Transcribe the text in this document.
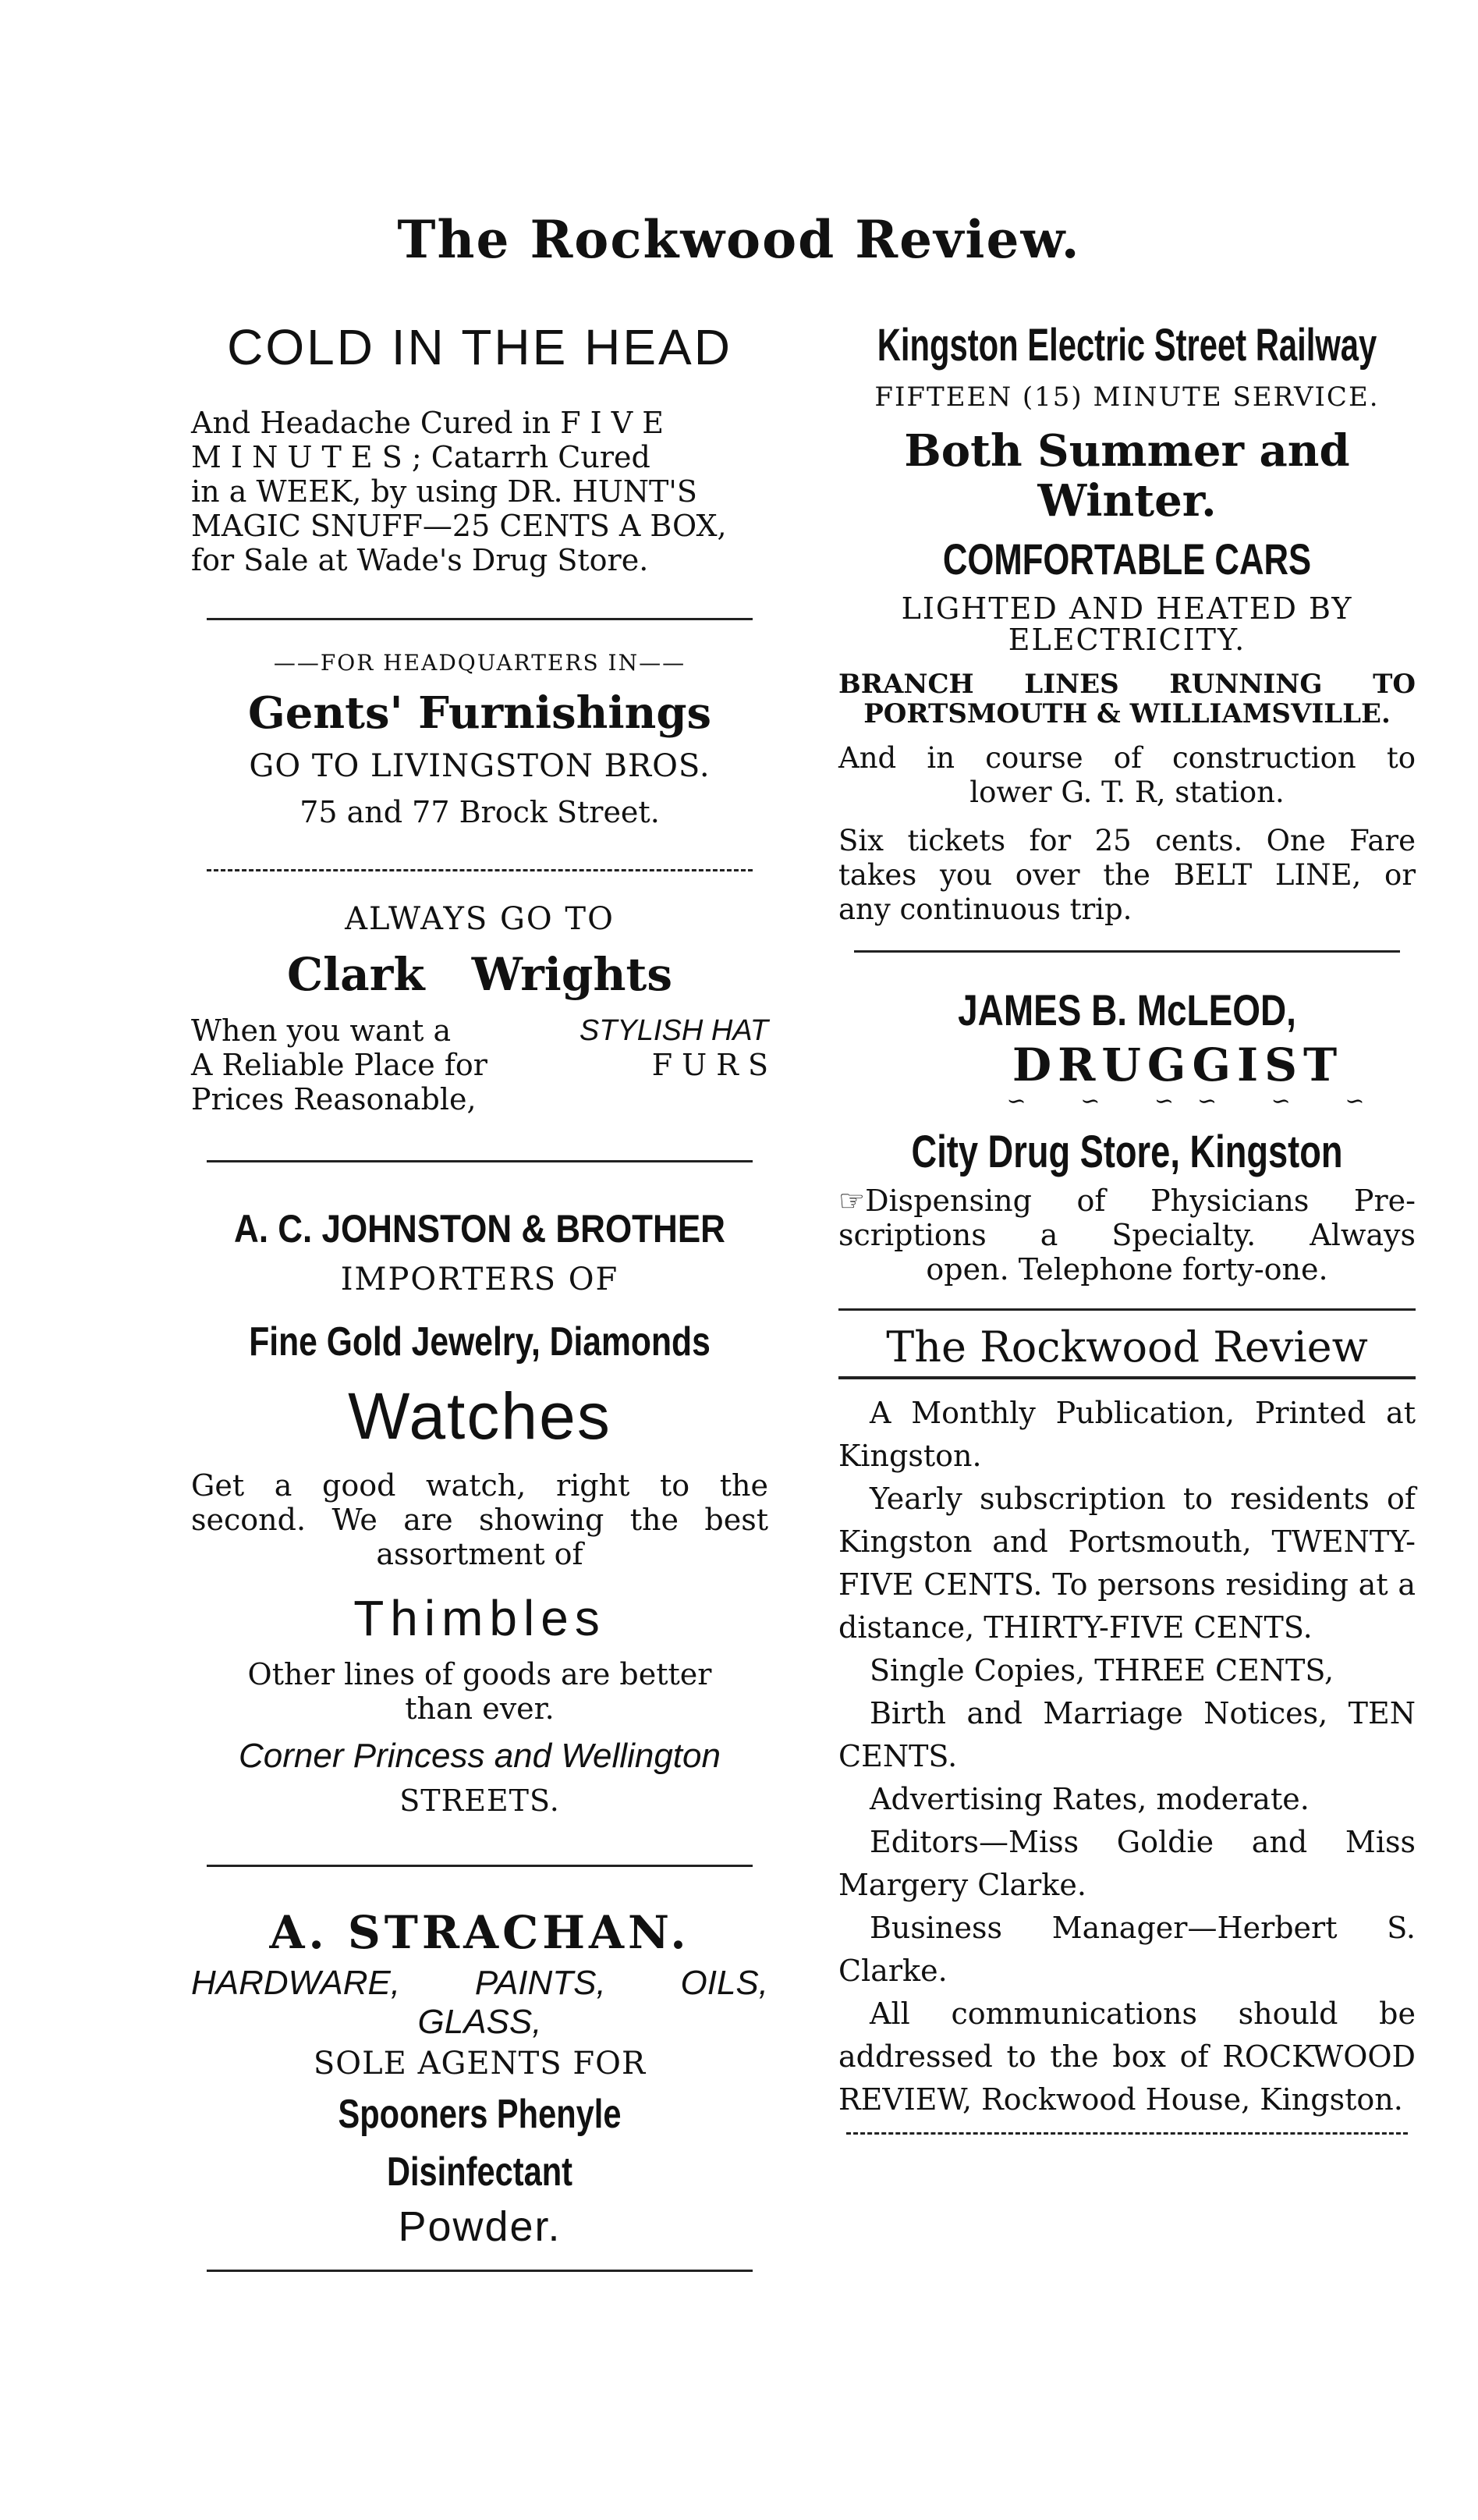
The Rockwood Review.
COLD IN THE HEAD

And Headache Cured in F I V E

M I N U T E S ; Catarrh Cured

in a WEEK, by using DR. HUNT'S

MAGIC SNUFF—25 CENTS A BOX,

for Sale at Wade's Drug Store.

——FOR HEADQUARTERS IN——
Gents' Furnishings
GO TO LIVINGSTON BROS.
75 and 77 Brock Street.
ALWAYS GO TO
Clark Wrights

When you want a	STYLISH HAT

A Reliable Place for	F U R S

Prices Reasonable,

A. C. JOHNSTON & BROTHER
IMPORTERS OF
Fine Gold Jewelry, Diamonds
Watches

Get a good watch, right to the

second. We are showing the best

assortment of

Thimbles

Other lines of goods are better

than ever.

Corner Princess and Wellington
STREETS.
A. STRACHAN.
HARDWARE, PAINTS, OILS,
GLASS,
SOLE AGENTS FOR
Spooners Phenyle Disinfectant
Powder.
Kingston Electric Street Railway
FIFTEEN (15) MINUTE SERVICE.
Both Summer and
Winter.
COMFORTABLE CARS
LIGHTED AND HEATED BY
ELECTRICITY.
BRANCH LINES RUNNING TO
PORTSMOUTH & WILLIAMSVILLE.
And in course of construction to
lower G. T. R, station.
Six tickets for 25 cents. One Fare
takes you over the BELT LINE, or
any continuous trip.
JAMES B. McLEOD,
DRUGGIST
∽ ∽ ∽∽ ∽ ∽
City Drug Store, Kingston
☞Dispensing of Physicians Pre-
scriptions a Specialty. Always
open. Telephone forty-one.
The Rockwood Review

A Monthly Publication, Printed at Kingston.

Yearly subscription to residents of Kingston and Portsmouth, TWENTY-FIVE CENTS. To persons residing at a distance, THIRTY-FIVE CENTS.

Single Copies, THREE CENTS,

Birth and Marriage Notices, TEN CENTS.

Advertising Rates, moderate.

Editors—Miss Goldie and Miss Margery Clarke.

Business Manager—Herbert S. Clarke.

All communications should be addressed to the box of ROCKWOOD REVIEW, Rockwood House, Kingston.
